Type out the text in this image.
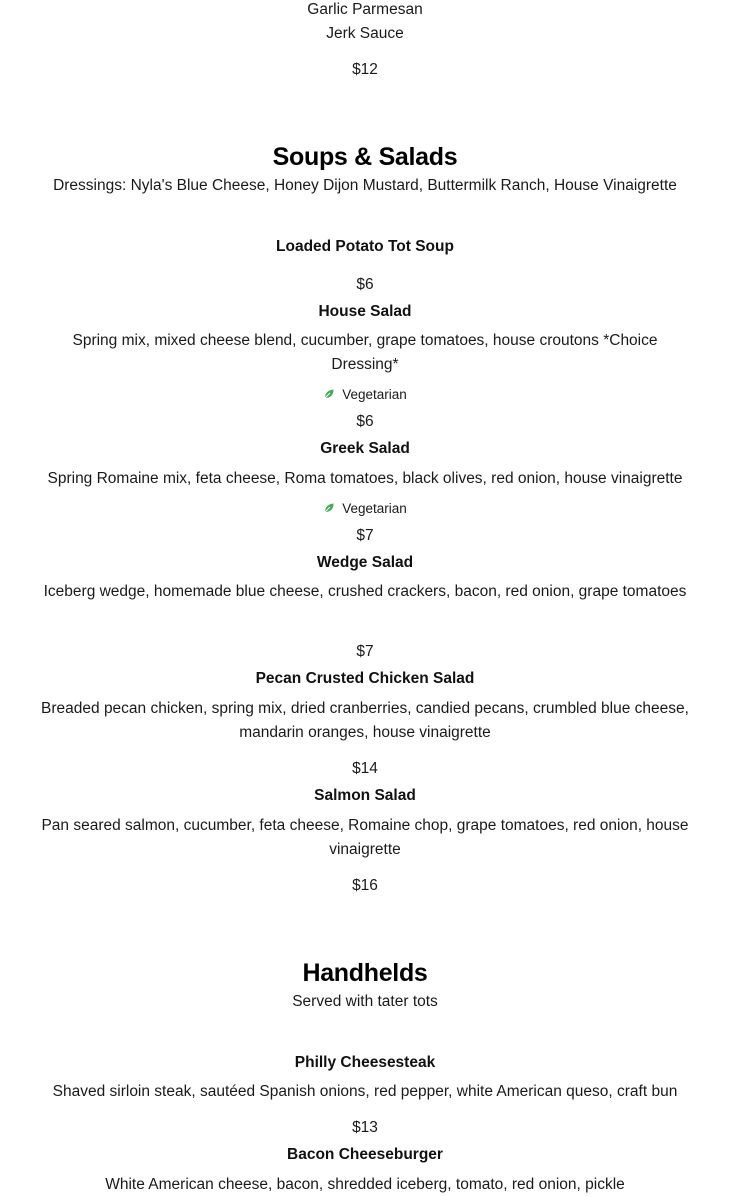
Garlic Parmesan
Jerk Sauce
$12
Soups & Salads
Dressings: Nyla's Blue Cheese, Honey Dijon Mustard, Buttermilk Ranch, House Vinaigrette
Loaded Potato Tot Soup
$6
House Salad
Spring mix, mixed cheese blend, cucumber, grape tomatoes, house croutons *Choice Dressing*
Vegetarian
$6
Greek Salad
Spring Romaine mix, feta cheese, Roma tomatoes, black olives, red onion, house vinaigrette
Vegetarian
$7
Wedge Salad
Iceberg wedge, homemade blue cheese, crushed crackers, bacon, red onion, grape tomatoes
$7
Pecan Crusted Chicken Salad
Breaded pecan chicken, spring mix, dried cranberries, candied pecans, crumbled blue cheese, mandarin oranges, house vinaigrette
$14
Salmon Salad
Pan seared salmon, cucumber, feta cheese, Romaine chop, grape tomatoes, red onion, house vinaigrette
$16
Handhelds
Served with tater tots
Philly Cheesesteak
Shaved sirloin steak, sautéed Spanish onions, red pepper, white American queso, craft bun
$13
Bacon Cheeseburger
White American cheese, bacon, shredded iceberg, tomato, red onion, pickle
